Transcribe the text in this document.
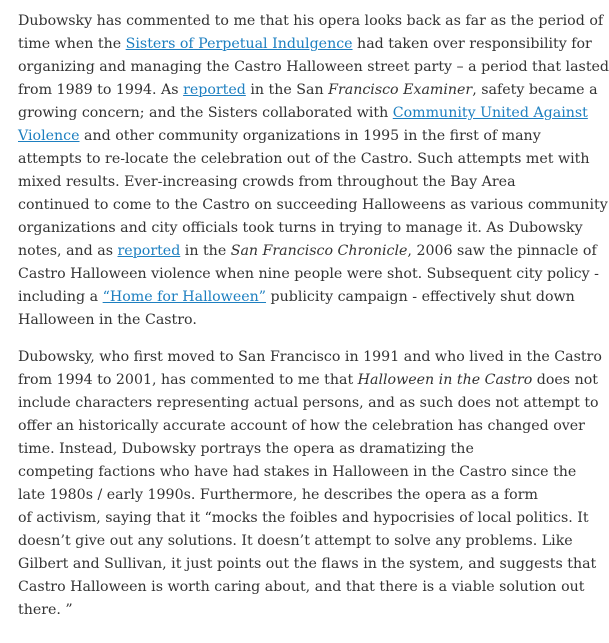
Dubowsky has commented to me that his opera looks back as far as the period of
time when the Sisters of Perpetual Indulgence had taken over responsibility for
organizing and managing the Castro Halloween street party – a period that lasted
from 1989 to 1994. As reported in the San Francisco Examiner, safety became a
growing concern; and the Sisters collaborated with Community United Against
Violence and other community organizations in 1995 in the first of many
attempts to re-locate the celebration out of the Castro. Such attempts met with
mixed results. Ever-increasing crowds from throughout the Bay Area
continued to come to the Castro on succeeding Halloweens as various community
organizations and city officials took turns in trying to manage it. As Dubowsky
notes, and as reported in the San Francisco Chronicle, 2006 saw the pinnacle of
Castro Halloween violence when nine people were shot. Subsequent city policy -
including a “Home for Halloween” publicity campaign - effectively shut down
Halloween in the Castro.

Dubowsky, who first moved to San Francisco in 1991 and who lived in the Castro
from 1994 to 2001, has commented to me that Halloween in the Castro does not
include characters representing actual persons, and as such does not attempt to
offer an historically accurate account of how the celebration has changed over
time. Instead, Dubowsky portrays the opera as dramatizing the
competing factions who have had stakes in Halloween in the Castro since the
late 1980s / early 1990s. Furthermore, he describes the opera as a form
of activism, saying that it “mocks the foibles and hypocrisies of local politics. It
doesn’t give out any solutions. It doesn’t attempt to solve any problems. Like
Gilbert and Sullivan, it just points out the flaws in the system, and suggests that
Castro Halloween is worth caring about, and that there is a viable solution out
there. ”
